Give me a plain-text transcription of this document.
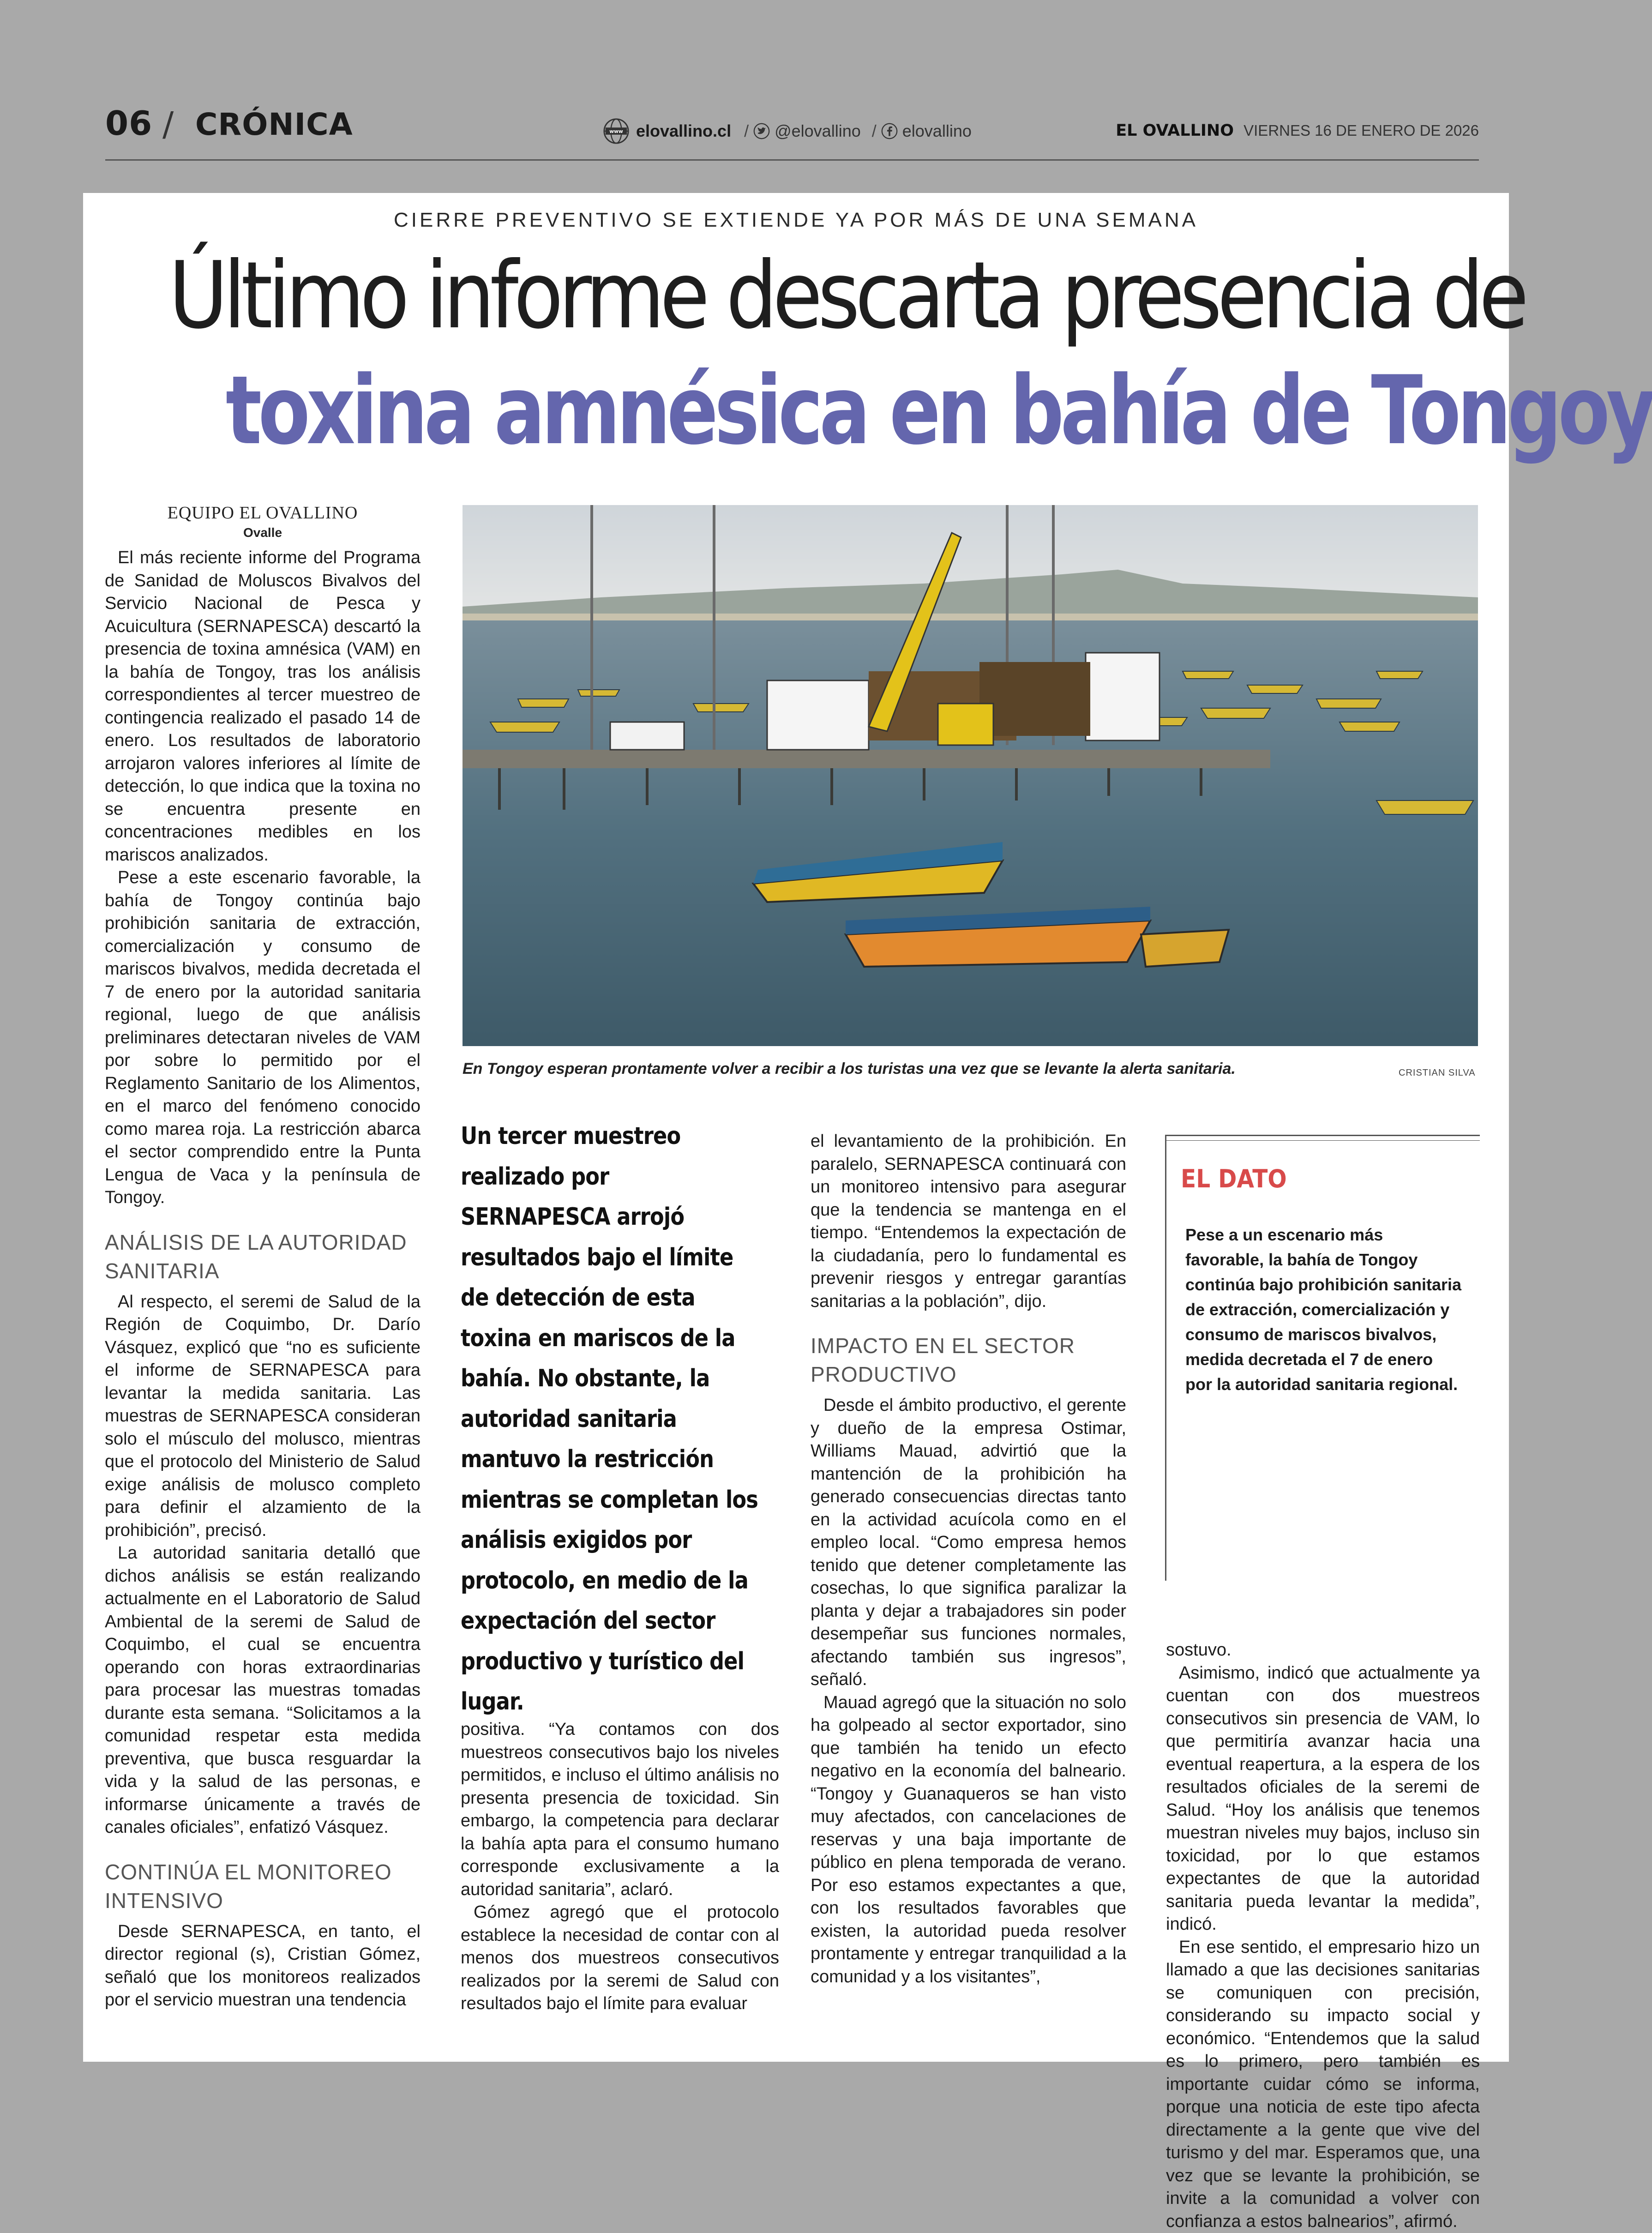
06 / CRÓNICA	www elovallino.cl / @elovallino / elovallino	EL OVALLINO VIERNES 16 DE ENERO DE 2026
CIERRE PREVENTIVO SE EXTIENDE YA POR MÁS DE UNA SEMANA
Último informe descarta presencia de
toxina amnésica en bahía de Tongoy
EQUIPO EL OVALLINO
Ovalle

El más reciente informe del Programa de Sanidad de Moluscos Bivalvos del Servicio Nacional de Pesca y Acuicultura (SERNAPESCA) descartó la presencia de toxina amnésica (VAM) en la bahía de Tongoy, tras los análisis correspondientes al tercer muestreo de contingencia realizado el pasado 14 de enero. Los resultados de laboratorio arrojaron valores inferiores al límite de detección, lo que indica que la toxina no se encuentra presente en concentraciones medibles en los mariscos analizados.

Pese a este escenario favorable, la bahía de Tongoy continúa bajo prohibición sanitaria de extracción, comercialización y consumo de mariscos bivalvos, medida decretada el 7 de enero por la autoridad sanitaria regional, luego de que análisis preliminares detectaran niveles de VAM por sobre lo permitido por el Reglamento Sanitario de los Alimentos, en el marco del fenómeno conocido como marea roja. La restricción abarca el sector comprendido entre la Punta Lengua de Vaca y la península de Tongoy.

ANÁLISIS DE LA AUTORIDAD SANITARIA

Al respecto, el seremi de Salud de la Región de Coquimbo, Dr. Darío Vásquez, explicó que “no es suficiente el informe de SERNAPESCA para levantar la medida sanitaria. Las muestras de SERNAPESCA consideran solo el músculo del molusco, mientras que el protocolo del Ministerio de Salud exige análisis de molusco completo para definir el alzamiento de la prohibición”, precisó.

La autoridad sanitaria detalló que dichos análisis se están realizando actualmente en el Laboratorio de Salud Ambiental de la seremi de Salud de Coquimbo, el cual se encuentra operando con horas extraordinarias para procesar las muestras tomadas durante esta semana. “Solicitamos a la comunidad respetar esta medida preventiva, que busca resguardar la vida y la salud de las personas, e informarse únicamente a través de canales oficiales”, enfatizó Vásquez.

CONTINÚA EL MONITOREO INTENSIVO

Desde SERNAPESCA, en tanto, el director regional (s), Cristian Gómez, señaló que los monitoreos realizados por el servicio muestran una tendencia

En Tongoy esperan prontamente volver a recibir a los turistas una vez que se levante la alerta sanitaria.	CRISTIAN SILVA
Un tercer muestreo realizado por SERNAPESCA arrojó resultados bajo el límite de detección de esta toxina en mariscos de la bahía. No obstante, la autoridad sanitaria mantuvo la restricción mientras se completan los análisis exigidos por protocolo, en medio de la expectación del sector productivo y turístico del lugar.

positiva. “Ya contamos con dos muestreos consecutivos bajo los niveles permitidos, e incluso el último análisis no presenta presencia de toxicidad. Sin embargo, la competencia para declarar la bahía apta para el consumo humano corresponde exclusivamente a la autoridad sanitaria”, aclaró.

Gómez agregó que el protocolo establece la necesidad de contar con al menos dos muestreos consecutivos realizados por la seremi de Salud con resultados bajo el límite para evaluar

el levantamiento de la prohibición. En paralelo, SERNAPESCA continuará con un monitoreo intensivo para asegurar que la tendencia se mantenga en el tiempo. “Entendemos la expectación de la ciudadanía, pero lo fundamental es prevenir riesgos y entregar garantías sanitarias a la población”, dijo.

IMPACTO EN EL SECTOR PRODUCTIVO

Desde el ámbito productivo, el gerente y dueño de la empresa Ostimar, Williams Mauad, advirtió que la mantención de la prohibición ha generado consecuencias directas tanto en la actividad acuícola como en el empleo local. “Como empresa hemos tenido que detener completamente las cosechas, lo que significa paralizar la planta y dejar a trabajadores sin poder desempeñar sus funciones normales, afectando también sus ingresos”, señaló.

Mauad agregó que la situación no solo ha golpeado al sector exportador, sino que también ha tenido un efecto negativo en la economía del balneario. “Tongoy y Guanaqueros se han visto muy afectados, con cancelaciones de reservas y una baja importante de público en plena temporada de verano. Por eso estamos expectantes a que, con los resultados favorables que existen, la autoridad pueda resolver prontamente y entregar tranquilidad a la comunidad y a los visitantes”,

EL DATO
Pese a un escenario más favorable, la bahía de Tongoy continúa bajo prohibición sanitaria de extracción, comercialización y consumo de mariscos bivalvos, medida decretada el 7 de enero por la autoridad sanitaria regional.

sostuvo.

Asimismo, indicó que actualmente ya cuentan con dos muestreos consecutivos sin presencia de VAM, lo que permitiría avanzar hacia una eventual reapertura, a la espera de los resultados oficiales de la seremi de Salud. “Hoy los análisis que tenemos muestran niveles muy bajos, incluso sin toxicidad, por lo que estamos expectantes de que la autoridad sanitaria pueda levantar la medida”, indicó.

En ese sentido, el empresario hizo un llamado a que las decisiones sanitarias se comuniquen con precisión, considerando su impacto social y económico. “Entendemos que la salud es lo primero, pero también es importante cuidar cómo se informa, porque una noticia de este tipo afecta directamente a la gente que vive del turismo y del mar. Esperamos que, una vez que se levante la prohibición, se invite a la comunidad a volver con confianza a estos balnearios”, afirmó.
